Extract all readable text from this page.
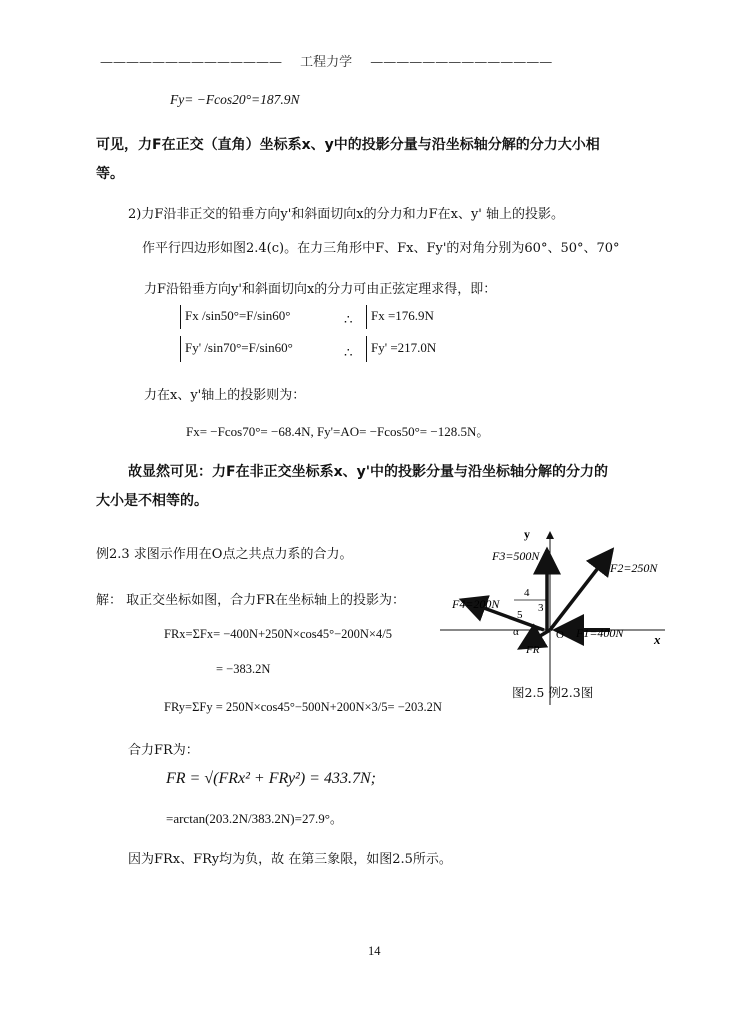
—————————————— 工程力学 ——————————————
Fy= −Fcos20°=187.9N
可见，力F在正交（直角）坐标系x、y中的投影分量与沿坐标轴分解的分力大小相
等。
2)力F沿非正交的铅垂方向y'和斜面切向x的分力和力F在x、y' 轴上的投影。
作平行四边形如图2.4(c)。在力三角形中F、Fx、Fy'的对角分别为60°、50°、70°
力F沿铅垂方向y'和斜面切向x的分力可由正弦定理求得，即：
Fx /sin50°=F/sin60°	∴ Fx =176.9N
Fy' /sin70°=F/sin60°	∴ Fy' =217.0N
力在x、y'轴上的投影则为：
Fx= −Fcos70°= −68.4N, Fy'=AO= −Fcos50°= −128.5N。
故显然可见：力F在非正交坐标系x、y'中的投影分量与沿坐标轴分解的分力的
大小是不相等的。
例2.3 求图示作用在O点之共点力系的合力。
解： 取正交坐标如图，合力FR在坐标轴上的投影为：
FRx=ΣFx= −400N+250N×cos45°−200N×4/5
= −383.2N
FRy=ΣFy = 250N×cos45°−500N+200N×3/5= −203.2N
合力FR为：
FR = √(FRx² + FRy²) = 433.7N;
=arctan(203.2N/383.2N)=27.9°。
因为FRx、FRy均为负，故 在第三象限，如图2.5所示。
y
x
O
α
F3=500N
F2=250N
F4=200N
F1=400N
FR
4
3
5
图2.5 例2.3图
14
